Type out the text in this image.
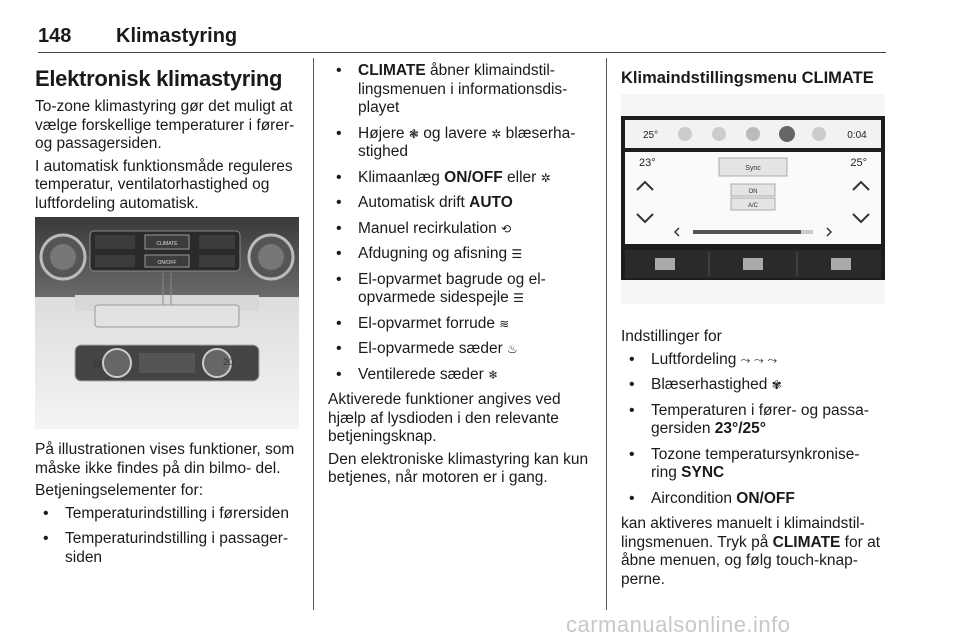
148 Klimastyring
Elektronisk klimastyring

To-zone klimastyring gør det muligt at vælge forskellige temperaturer i fører- og passagersiden.

I automatisk funktionsmåde reguleres temperatur, ventilatorhastighed og luftfordeling automatisk.

CLIMATE
ON/OFF
22	20

På illustrationen vises funktioner, som måske ikke findes på din bilmo- del.

Betjeningselementer for:

• Temperaturindstilling i førersiden
• Temperaturindstilling i passager- siden
• CLIMATE åbner klimaindstil- lingsmenuen i informationsdis- playet
• Højere ❃ og lavere ✲ blæserha- stighed
• Klimaanlæg ON/OFF eller ✲
• Automatisk drift AUTO
• Manuel recirkulation ⟲
• Afdugning og afisning ☰
• El-opvarmet bagrude og el- opvarmede sidespejle ☰
• El-opvarmet forrude ≋
• El-opvarmede sæder ♨
• Ventilerede sæder ❄

Aktiverede funktioner angives ved hjælp af lysdioden i den relevante betjeningsknap.

Den elektroniske klimastyring kan kun betjenes, når motoren er i gang.

Klimaindstillingsmenu CLIMATE
25°	0:04
23°	25°
Sync
ON
A/C

Indstillinger for

• Luftfordeling ⤳ ⤳ ⤳
• Blæserhastighed ✾
• Temperaturen i fører- og passa- gersiden 23°/25°
• Tozone temperatursynkronise- ring SYNC
• Aircondition ON/OFF

kan aktiveres manuelt i klimaindstil- lingsmenuen. Tryk på CLIMATE for at åbne menuen, og følg touch-knap- perne.

carmanualsonline.info
